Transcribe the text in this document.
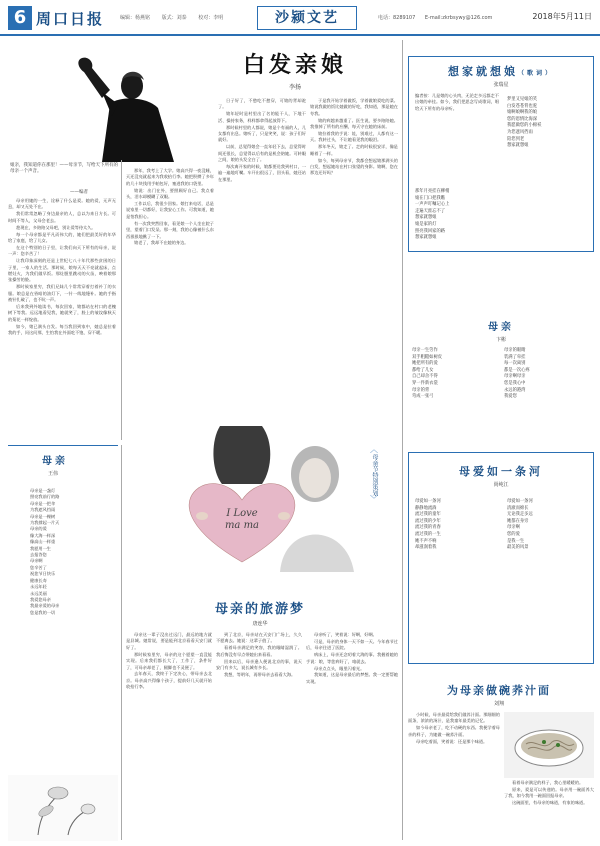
6 周口日报	编辑：杨燕铭 版式：刘泰 校对：李明	沙颍文艺	电话：8289107 E-mail:zkrbsywy@126.com	2018年5月11日
娘亲，我知道你在那里！——母亲节，写给天下所有的母亲一个声音。
——编者
白发亲娘
李扬

母亲用她的一生，诠释了什么是爱。她的爱，无声无息，却又无处不在。

我们常常忽略了身边最亲的人，总以为来日方长。可时间不等人，父母会老去。

趁现在，多陪陪父母吧，别让爱等待太久。

每一个母亲都是平凡而伟大的，她们把最美好的年华给了家庭，给了儿女。

在这个特别的日子里，让我们向天下所有的母亲，说一声：您辛苦了！

让我印象深刻的还是上世纪七八十年代那些贫困的日子里，一家人的生活。那时候，娘每天天不亮就起床，点燃灶火，为我们做早饭。那灶膛里跳动的火苗，映着娘那张操劳的脸。

那时候家里穷，我们兄妹几个常常穿着打着补丁的衣服。娘总是在昏暗的油灯下，一针一线地缝补。她的手指被针扎破了，也不吭一声。

后来我到外地读书，每次回家，娘都站在村口的老槐树下等我。远远地看见我，她就笑了，脸上的皱纹像秋天的菊花一样绽放。

如今，娘已满头白发。每当我回到家中，她总是拉着我的手，问这问那，生怕我在外面吃不饱、穿不暖。

那年，我考上了大学。娘高兴得一夜没睡，天还没亮就起来为我收拾行李。她把积攒了多年的几十块钱用手帕包好，塞进我的口袋里。

娘说：出门在外，要照顾好自己。我点着头，泪水却模糊了双眼。

工作以后，我很少回家。娘打来电话，总是说家里一切都好，让我安心工作。可我知道，她是怕我担心。

有一次我突然回家，看见娘一个人坐在院子里，望着门口发呆。那一刻，我的心像被什么东西狠狠地揪了一下。

娘老了，我却不在她的身边。

日子好了，不愁吃不愁穿，可娘的背却驼了。

娘年轻时是村里出了名的能干人，下地干活、操持家务，样样都拿得起放得下。

那时候村里的人都说，娘是个有福的人，儿女都有出息。娘听了，只是笑笑，说：孩子们好就好。

以前，总觉得娘会一直年轻下去，总觉得时间还很长，总觉得以后有的是机会陪她。可转眼之间，娘的头发全白了。

每次离开家的时候，娘都要送我到村口，一遍一遍地叮嘱。车开出很远了，回头看，她还站在那里。

于是我开始学着做饭，学着做娘爱吃的菜。娘说我做的饭比她做的好吃，我知道，那是她在夸我。

娘的病越来越重了。医生说，要多陪陪她。我推掉了所有的应酬，每天守在她的床前。

娘拉着我的手说：娃，别难过，人都有这一天。我转过头，不让她看见我的眼泪。

那年冬天，娘走了。走的时候很安详，像是睡着了一样。

如今，每到母亲节，我都会想起娘那满头的白发，想起她站在村口张望的身影。娘啊，您在那边还好吗？

想家就想娘（歌词）
张瑞星
编者按：儿是娘的心头肉，无论走多远都走不出娘的牵挂。如今，我们把思念写成歌词，唱给天下所有的母亲听。
那年月亮挂在柳梢
娘在门口把我瞧
一声声叮嘱记心上
走遍天涯忘不了
想家就想娘
娘是家的灯
照亮我回家的路
想家就想娘
梦里又见娘的笑
白发苍苍背也驼
娘啊娘啊我的娘
您的恩情比海深
我愿做您的小棉袄
为您遮风挡雨
陪您到老
想家就想娘
母亲
卞彬
母亲一生劳作
双手粗糙如树皮
她把所有的爱
都给了儿女
自己却舍不得
穿一件新衣裳
母亲的背
弯成一张弓
母亲的眼睛
装满了牵挂
每一次离别
都是一次心疼
母亲啊母亲
您是我心中
永远的港湾
我爱您
母爱如一条河
尚纯江
母爱如一条河
静静地流淌
流过我的童年
流过我的少年
流过我的青春
流过我的一生
她不声不响
却滋润着我
母爱如一条河
清澈而绵长
无论我走多远
她都在身旁
母亲啊
您的爱
是我一生
最美的风景
为母亲做碗荞汁面
刘翔

小时候，母亲最爱给我们做荞汁面。那细细的面条，浓浓的汤汁，是我童年最美的记忆。

如今母亲老了，吃不动硬的东西。我便学着母亲的样子，为她做一碗荞汁面。

母亲吃着面，笑着说：还是那个味道。

看着母亲满足的样子，我心里暖暖的。

原来，爱是可以传递的。母亲用一碗面养大了我，如今我用一碗面回报母亲。

这碗面里，有母亲的味道，有家的味道。

母亲
王伟
母亲是一盏灯
照亮我前行的路
母亲是一把伞
为我遮风挡雨
母亲是一棵树
为我撑起一片天
母亲的爱
像大海一样深
像高山一样重
我愿用一生
去报答您
母亲啊
您辛苦了
祝您节日快乐
健康长寿
永远年轻
永远美丽
我爱您母亲
我最亲爱的母亲
您是我的一切
I Love
ma ma
︿
母亲节特别策划
﹀
母亲的旅游梦
唐连华

母亲这一辈子没出过远门，最远的地方就是县城。她常说，要是能到北京看看天安门就好了。

那时候家里穷，母亲的这个愿望一直没能实现。后来我们都长大了，工作了，条件好了，可母亲却老了，腿脚也不灵便了。

去年春天，我终于下定决心，带母亲去北京。母亲高兴得像个孩子，提前好几天就开始收拾行李。

到了北京，母亲站在天安门广场上，久久不愿离去。她说：这辈子值了。

看着母亲满足的笑容，我的眼睛湿润了。我后悔没有早点带她出来看看。

回来以后，母亲逢人便说北京的事，说天安门有多大，说长城有多长。

我想，等明年，再带母亲去看看大海。

母亲听了，笑着说：好啊，好啊。

可是，母亲的身体一天不如一天。今年春节过后，母亲住进了医院。

病床上，母亲还念叨着大海的事。我握着她的手说：娘，等您病好了，咱就去。

母亲点点头，眼里闪着光。

我知道，这是母亲最后的梦想。我一定要帮她实现。
